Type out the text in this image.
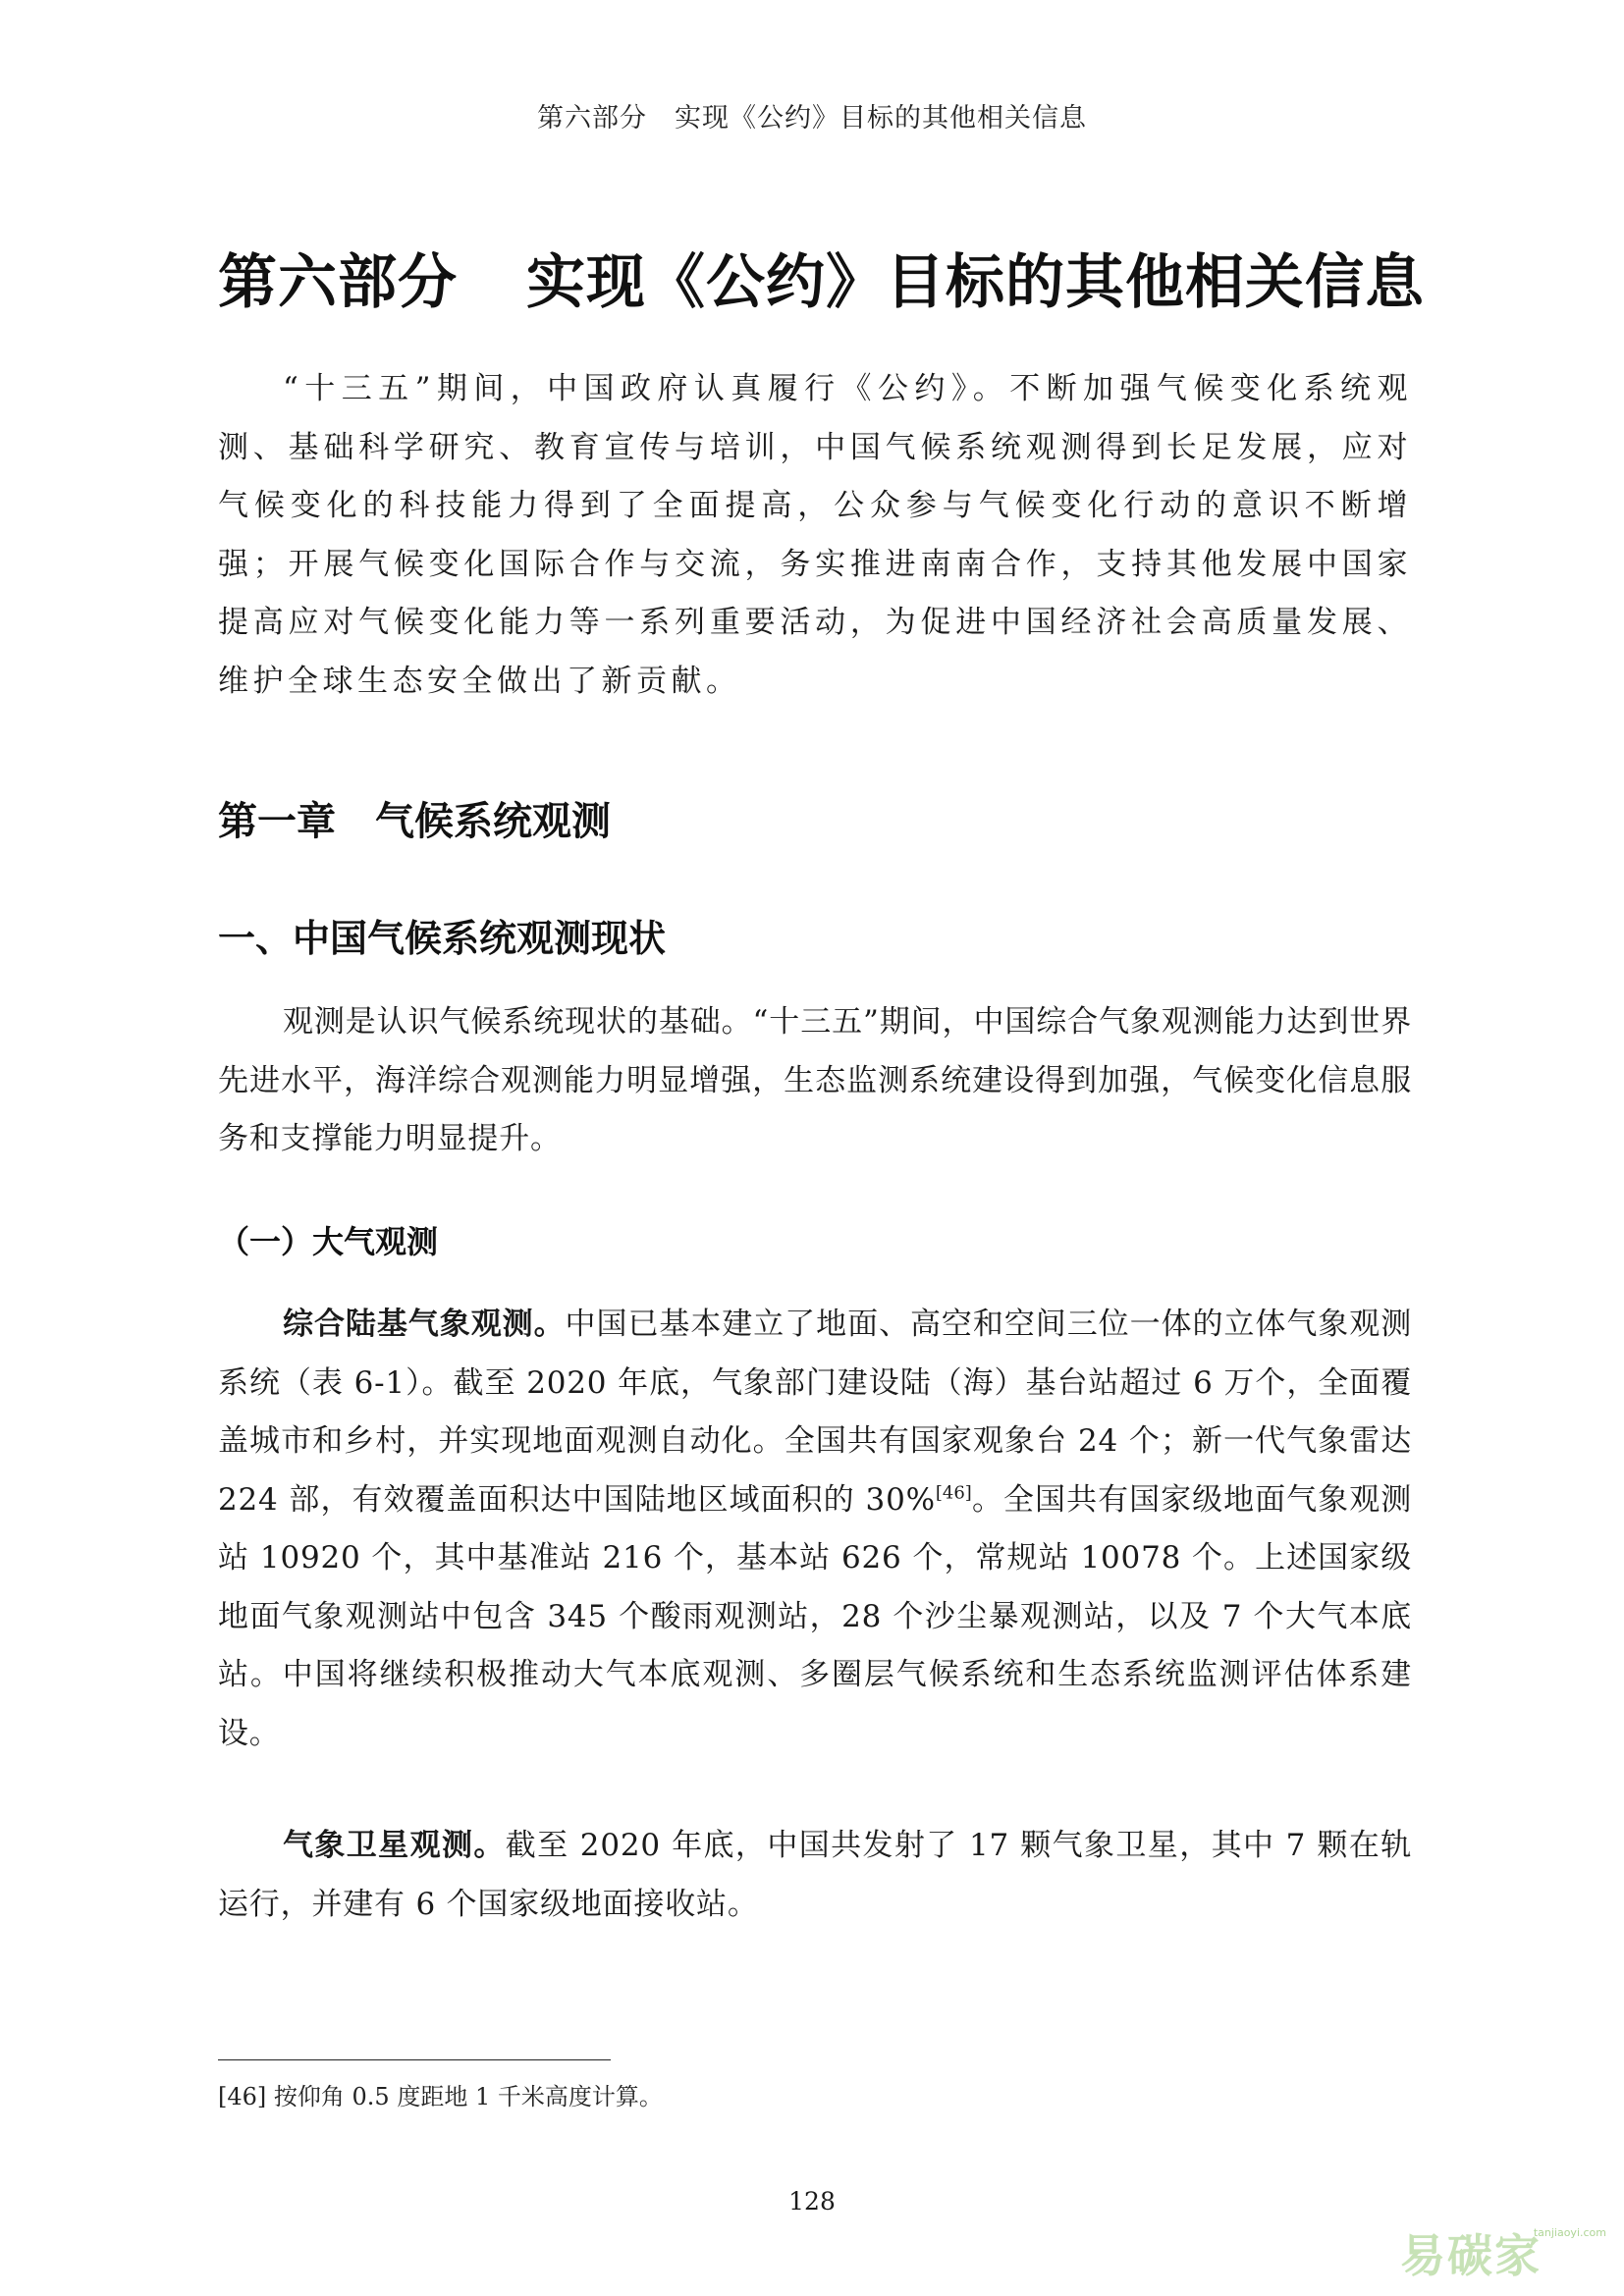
第六部分　实现《公约》目标的其他相关信息
第六部分 实现《公约》目标的其他相关信息
“十三五”期间，中国政府认真履行《公约》。不断加强气候变化系统观测、基础科学研究、教育宣传与培训，中国气候系统观测得到长足发展，应对气候变化的科技能力得到了全面提高，公众参与气候变化行动的意识不断增强；开展气候变化国际合作与交流，务实推进南南合作，支持其他发展中国家提高应对气候变化能力等一系列重要活动，为促进中国经济社会高质量发展、维护全球生态安全做出了新贡献。
第一章 气候系统观测
一、中国气候系统观测现状
观测是认识气候系统现状的基础。“十三五”期间，中国综合气象观测能力达到世界先进水平，海洋综合观测能力明显增强，生态监测系统建设得到加强，气候变化信息服务和支撑能力明显提升。
（一）大气观测
综合陆基气象观测。中国已基本建立了地面、高空和空间三位一体的立体气象观测系统（表 6-1）。截至 2020 年底，气象部门建设陆（海）基台站超过 6 万个，全面覆盖城市和乡村，并实现地面观测自动化。全国共有国家观象台 24 个；新一代气象雷达 224 部，有效覆盖面积达中国陆地区域面积的 30%[46]。全国共有国家级地面气象观测站 10920 个，其中基准站 216 个，基本站 626 个，常规站 10078 个。上述国家级地面气象观测站中包含 345 个酸雨观测站，28 个沙尘暴观测站，以及 7 个大气本底站。中国将继续积极推动大气本底观测、多圈层气候系统和生态系统监测评估体系建设。
气象卫星观测。截至 2020 年底，中国共发射了 17 颗气象卫星，其中 7 颗在轨运行，并建有 6 个国家级地面接收站。
[46] 按仰角 0.5 度距地 1 千米高度计算。
128
易碳家
tanjiaoyi.com
